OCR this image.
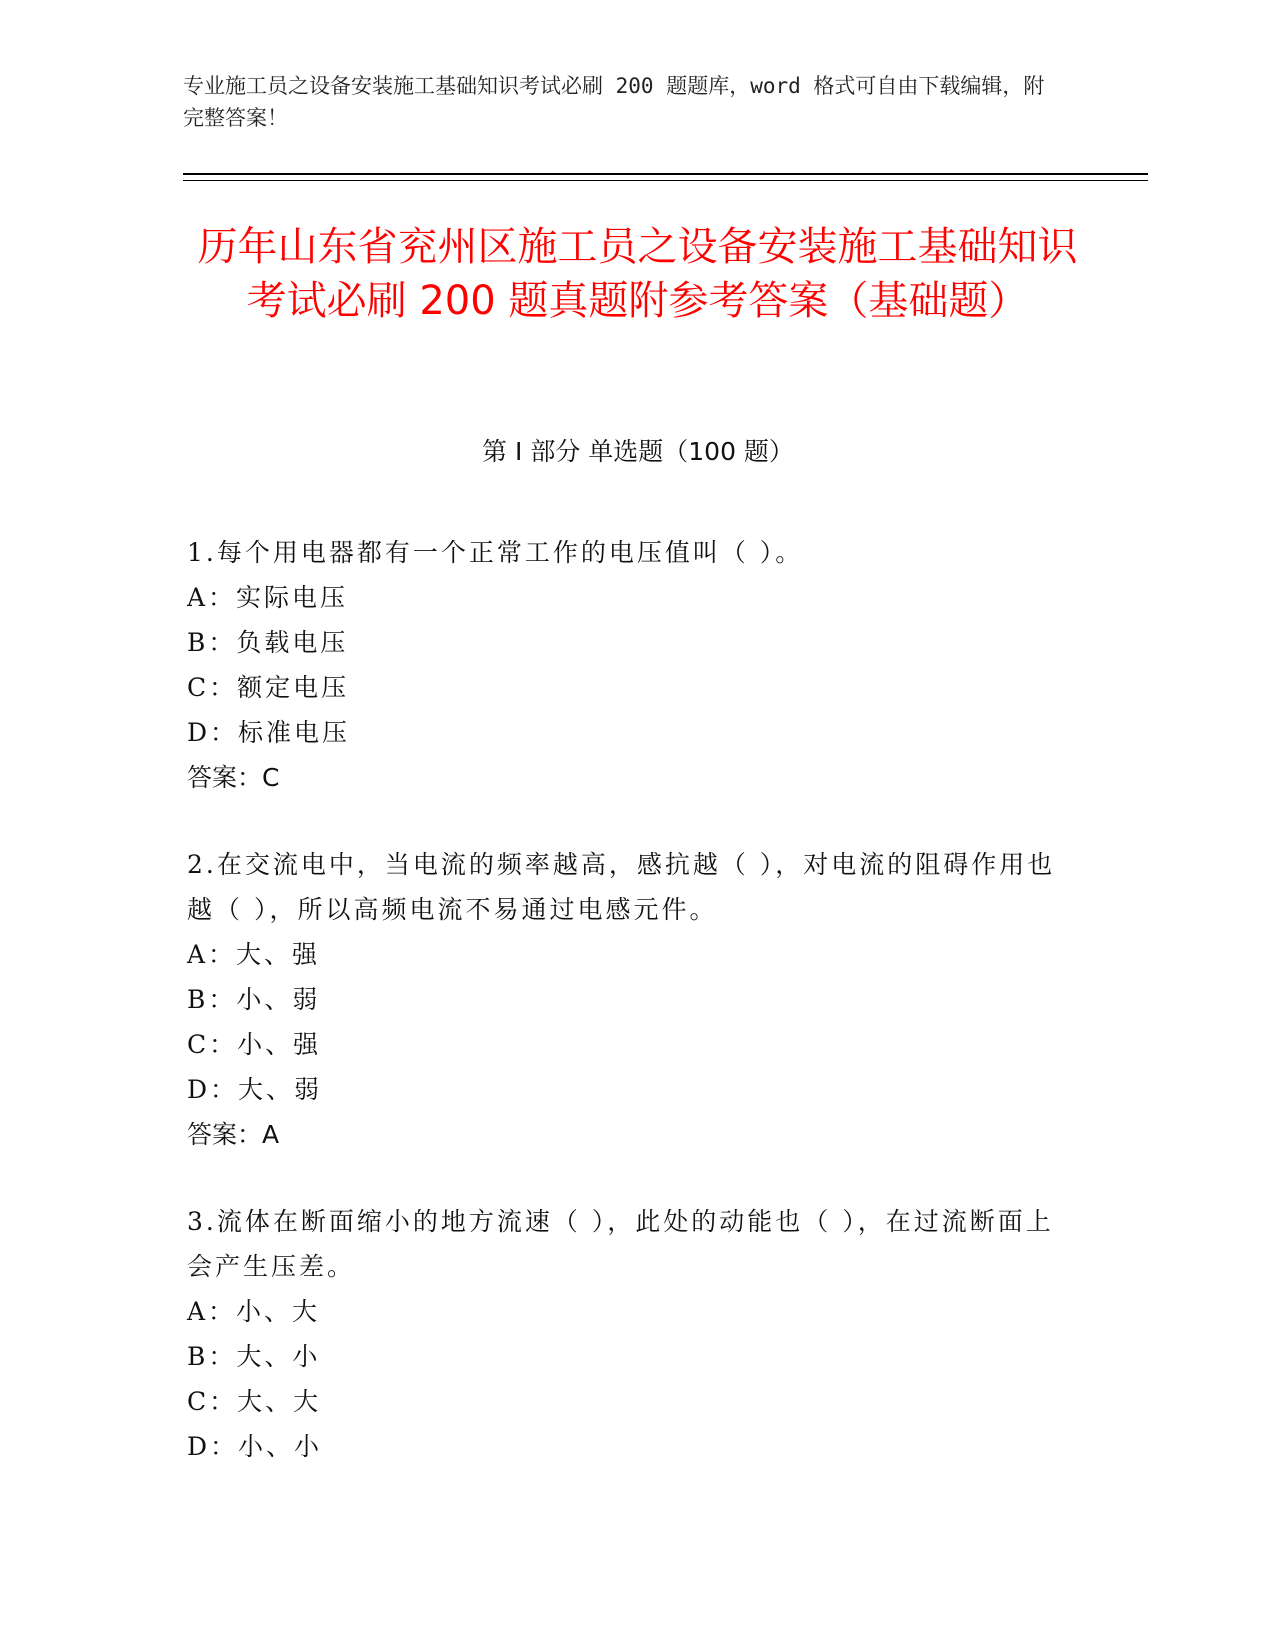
专业施工员之设备安装施工基础知识考试必刷 200 题题库，word 格式可自由下载编辑，附完整答案！
历年山东省兖州区施工员之设备安装施工基础知识考试必刷 200 题真题附参考答案（基础题）
第 I 部分 单选题（100 题）
1.每个用电器都有一个正常工作的电压值叫（ ）。
A：实际电压
B：负载电压
C：额定电压
D：标准电压
答案：C
2.在交流电中，当电流的频率越高，感抗越（ ），对电流的阻碍作用也越（ ），所以高频电流不易通过电感元件。
A：大、强
B：小、弱
C：小、强
D：大、弱
答案：A
3.流体在断面缩小的地方流速（ ），此处的动能也（ ），在过流断面上会产生压差。
A：小、大
B：大、小
C：大、大
D：小、小
